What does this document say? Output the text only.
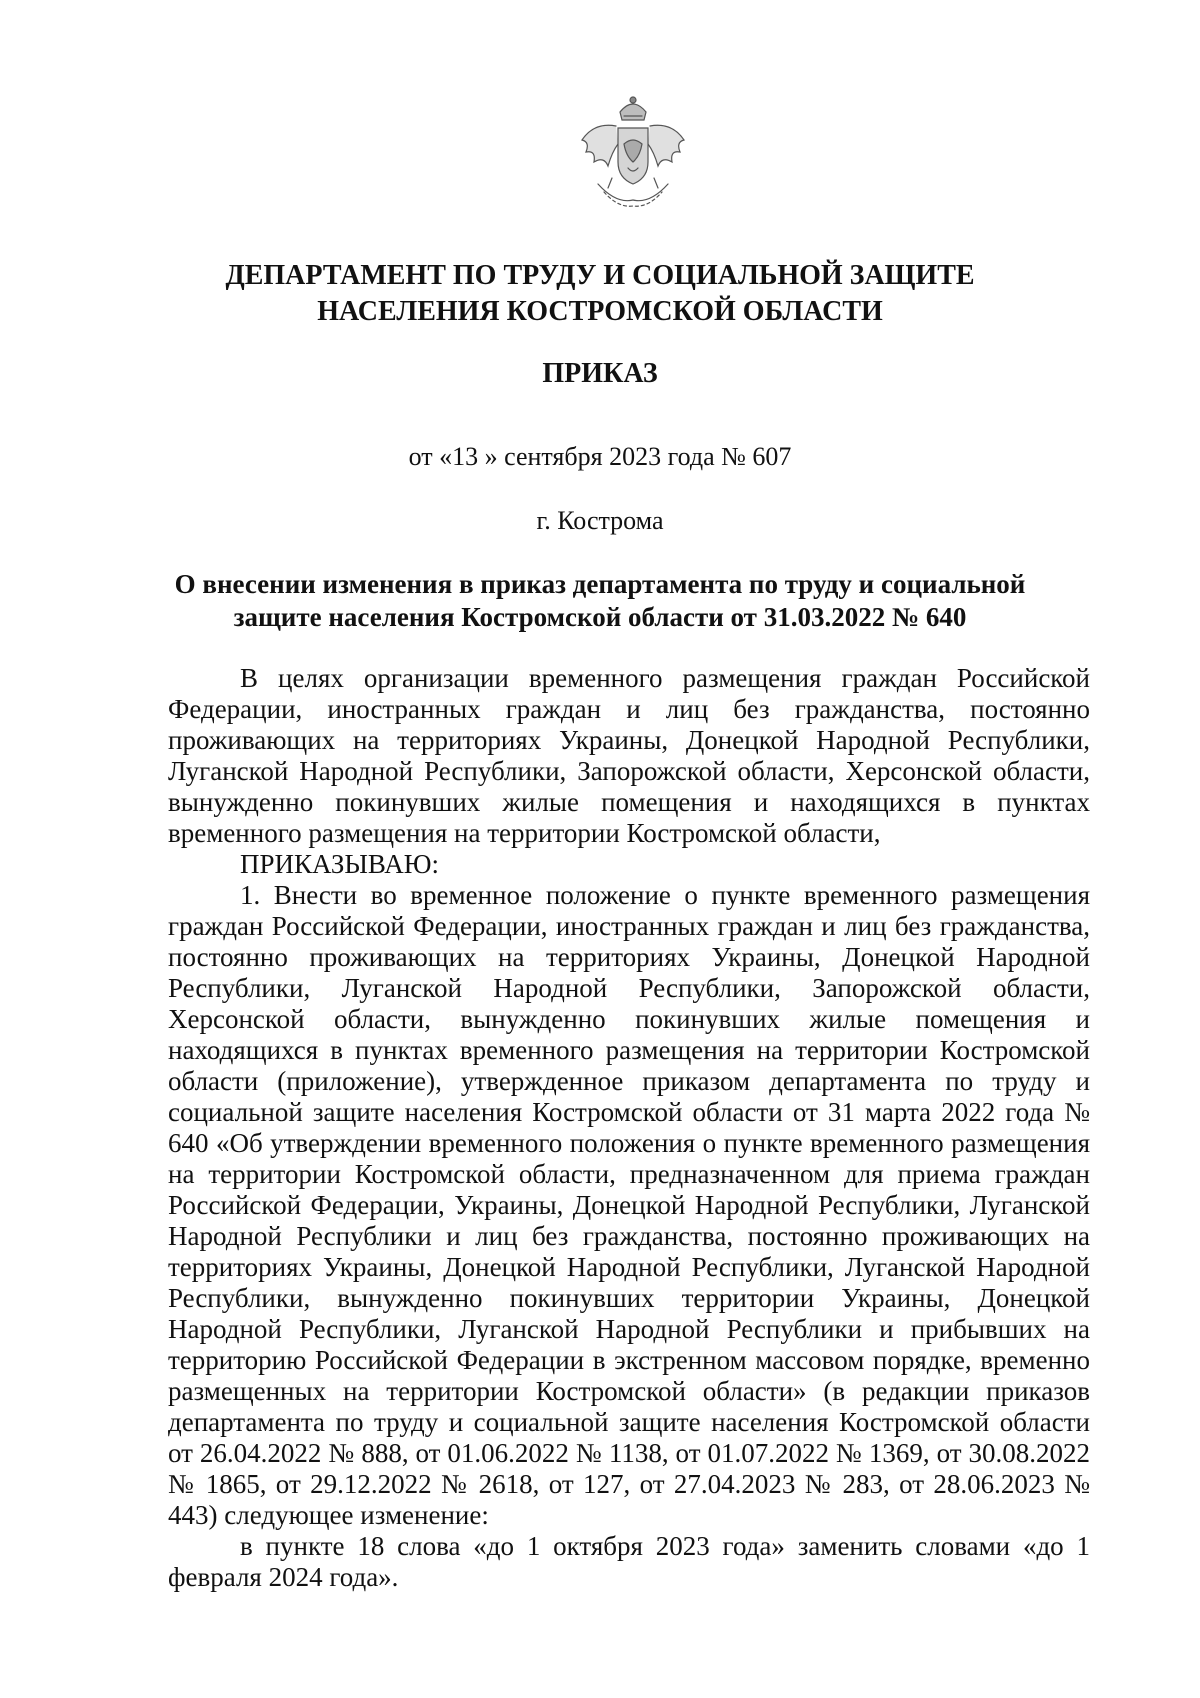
ДЕПАРТАМЕНТ ПО ТРУДУ И СОЦИАЛЬНОЙ ЗАЩИТЕ
НАСЕЛЕНИЯ КОСТРОМСКОЙ ОБЛАСТИ
ПРИКАЗ
от «13 » сентября 2023 года № 607
г. Кострома
О внесении изменения в приказ департамента по труду и социальной
защите населения Костромской области от 31.03.2022 № 640

В целях организации временного размещения граждан Российской Федерации, иностранных граждан и лиц без гражданства, постоянно проживающих на территориях Украины, Донецкой Народной Республики, Луганской Народной Республики, Запорожской области, Херсонской области, вынужденно покинувших жилые помещения и находящихся в пунктах временного размещения на территории Костромской области,

ПРИКАЗЫВАЮ:

1. Внести во временное положение о пункте временного размещения граждан Российской Федерации, иностранных граждан и лиц без гражданства, постоянно проживающих на территориях Украины, Донецкой Народной Республики, Луганской Народной Республики, Запорожской области, Херсонской области, вынужденно покинувших жилые помещения и находящихся в пунктах временного размещения на территории Костромской области (приложение), утвержденное приказом департамента по труду и социальной защите населения Костромской области от 31 марта 2022 года № 640 «Об утверждении временного положения о пункте временного размещения на территории Костромской области, предназначенном для приема граждан Российской Федерации, Украины, Донецкой Народной Республики, Луганской Народной Республики и лиц без гражданства, постоянно проживающих на территориях Украины, Донецкой Народной Республики, Луганской Народной Республики, вынужденно покинувших территории Украины, Донецкой Народной Республики, Луганской Народной Республики и прибывших на территорию Российской Федерации в экстренном массовом порядке, временно размещенных на территории Костромской области» (в редакции приказов департамента по труду и социальной защите населения Костромской области от 26.04.2022 № 888, от 01.06.2022 № 1138, от 01.07.2022 № 1369, от 30.08.2022 № 1865, от 29.12.2022 № 2618, от 127, от 27.04.2023 № 283, от 28.06.2023 № 443) следующее изменение:

в пункте 18 слова «до 1 октября 2023 года» заменить словами «до 1 февраля 2024 года».
